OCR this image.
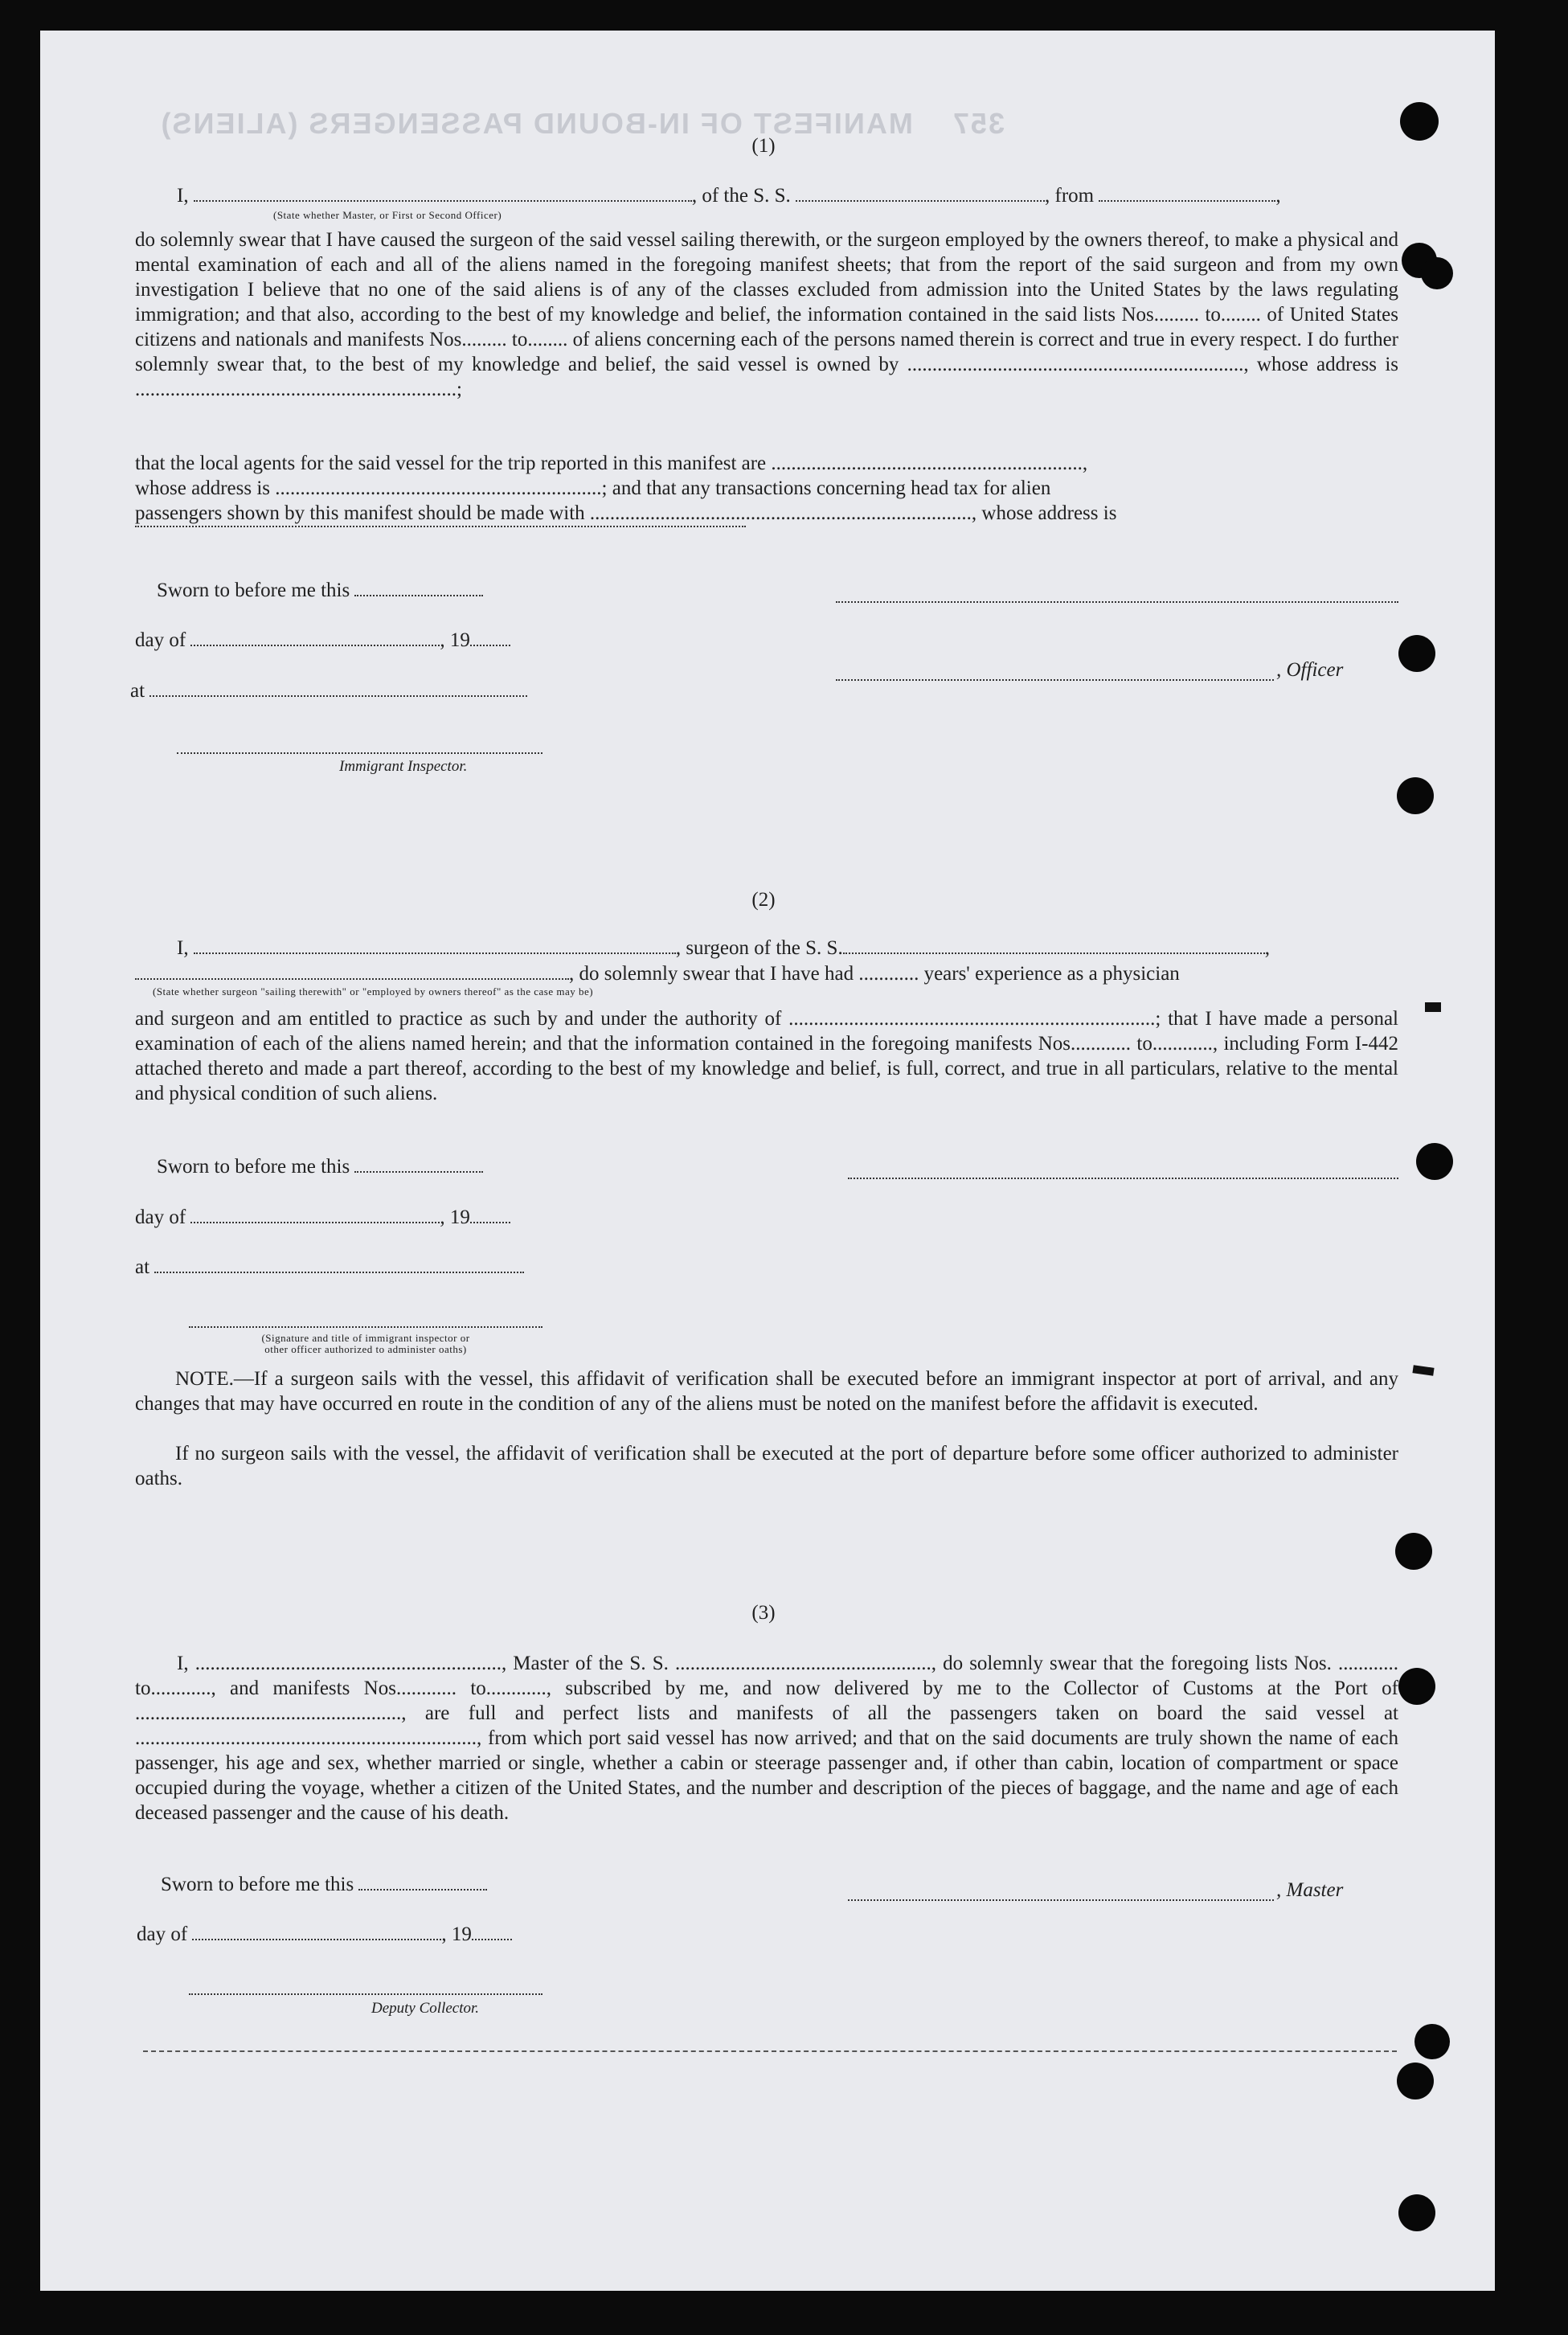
357    MANIFEST OF IN-BOUND PASSENGERS (ALIENS)
(1)
I,	, of the S. S.	, from	,
(State whether Master, or First or Second Officer)
do solemnly swear that I have caused the surgeon of the said vessel sailing therewith, or the surgeon employed by the owners thereof, to make a physical and mental examination of each and all of the aliens named in the foregoing manifest sheets; that from the report of the said surgeon and from my own investigation I believe that no one of the said aliens is of any of the classes excluded from admission into the United States by the laws regulating immigration; and that also, according to the best of my knowledge and belief, the information contained in the said lists Nos......... to........ of United States citizens and nationals and manifests Nos......... to........ of aliens concerning each of the persons named therein is correct and true in every respect. I do further solemnly swear that, to the best of my knowledge and belief, the said vessel is owned by ..................................................................., whose address is ................................................................;
that the local agents for the said vessel for the trip reported in this manifest are ..............................................................,
whose address is .................................................................; and that any transactions concerning head tax for alien
passengers shown by this manifest should be made with ............................................................................, whose address is
Sworn to before me this
day of	, 19
, Officer
at
Immigrant Inspector.
(2)
I,	, surgeon of the S. S.	,
, do solemnly swear that I have had ............ years' experience as a physician
(State whether surgeon "sailing therewith" or "employed by owners thereof" as the case may be)
and surgeon and am entitled to practice as such by and under the authority of .........................................................................; that I have made a personal examination of each of the aliens named herein; and that the information contained in the foregoing manifests Nos............ to............, including Form I-442 attached thereto and made a part thereof, according to the best of my knowledge and belief, is full, correct, and true in all particulars, relative to the mental and physical condition of such aliens.
Sworn to before me this
day of	, 19
at
(Signature and title of immigrant inspector or
other officer authorized to administer oaths)
NOTE.—If a surgeon sails with the vessel, this affidavit of verification shall be executed before an immigrant inspector at port of arrival, and any changes that may have occurred en route in the condition of any of the aliens must be noted on the manifest before the affidavit is executed.
If no surgeon sails with the vessel, the affidavit of verification shall be executed at the port of departure before some officer authorized to administer oaths.
(3)
I, ............................................................., Master of the S. S. ..................................................., do solemnly swear that the foregoing lists Nos. ............ to............, and manifests Nos............ to............, subscribed by me, and now delivered by me to the Collector of Customs at the Port of ....................................................., are full and perfect lists and manifests of all the passengers taken on board the said vessel at ...................................................................., from which port said vessel has now arrived; and that on the said documents are truly shown the name of each passenger, his age and sex, whether married or single, whether a cabin or steerage passenger and, if other than cabin, location of compartment or space occupied during the voyage, whether a citizen of the United States, and the number and description of the pieces of baggage, and the name and age of each deceased passenger and the cause of his death.
Sworn to before me this	, Master
day of	, 19
Deputy Collector.
